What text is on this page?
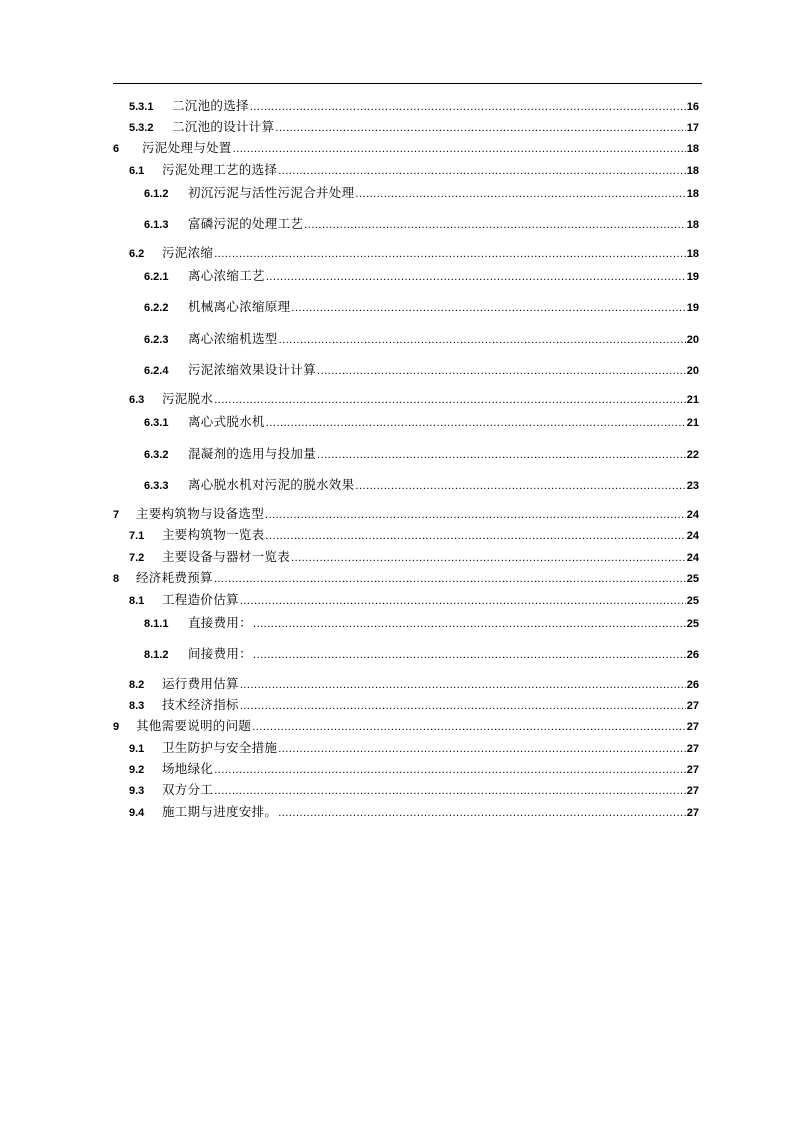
5.3.1	二沉池的选择 .....	16
5.3.2	二沉池的设计计算 .....	17
6	污泥处理与处置 .....	18
6.1	污泥处理工艺的选择 .....	18
6.1.2	初沉污泥与活性污泥合并处理 .....	18
6.1.3	富磷污泥的处理工艺 .....	18
6.2	污泥浓缩 .....	18
6.2.1	离心浓缩工艺 .....	19
6.2.2	机械离心浓缩原理 .....	19
6.2.3	离心浓缩机选型 .....	20
6.2.4	污泥浓缩效果设计计算 .....	20
6.3	污泥脱水 .....	21
6.3.1	离心式脱水机 .....	21
6.3.2	混凝剂的选用与投加量 .....	22
6.3.3	离心脱水机对污泥的脱水效果 .....	23
7	主要构筑物与设备选型 .....	24
7.1	主要构筑物一览表 .....	24
7.2	主要设备与器材一览表 .....	24
8	经济耗费预算 .....	25
8.1	工程造价估算 .....	25
8.1.1	直接费用： .....	25
8.1.2	间接费用： .....	26
8.2	运行费用估算 .....	26
8.3	技术经济指标 .....	27
9	其他需要说明的问题 .....	27
9.1	卫生防护与安全措施 .....	27
9.2	场地绿化 .....	27
9.3	双方分工 .....	27
9.4	施工期与进度安排。 .....	27
